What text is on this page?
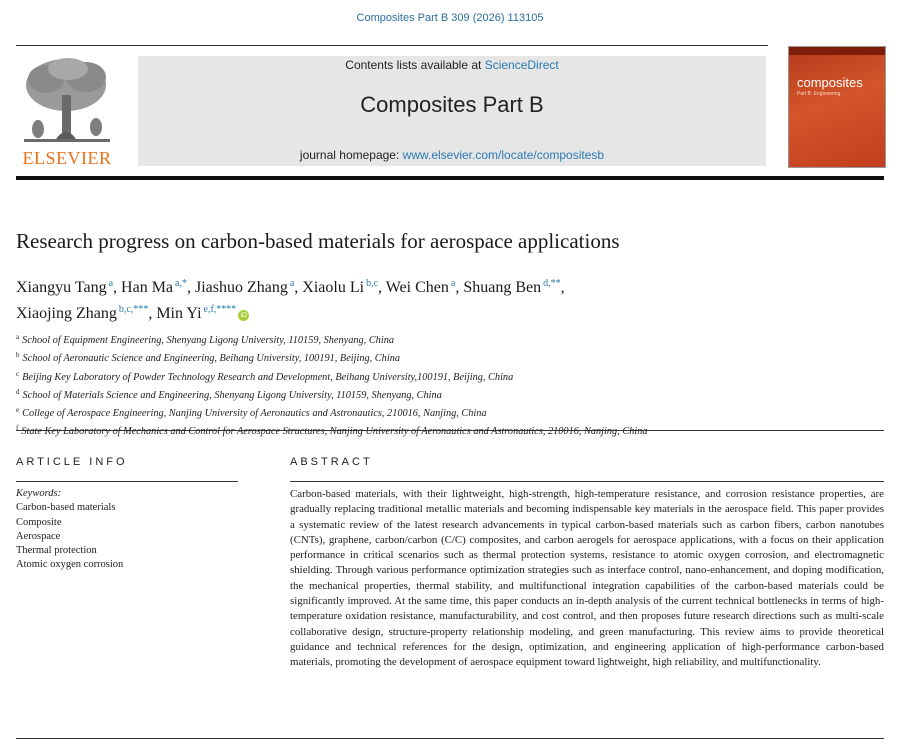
Composites Part B 309 (2026) 113105
ELSEVIER
Contents lists available at ScienceDirect
Composites Part B
journal homepage: www.elsevier.com/locate/compositesb
composites
Part B: Engineering
Research progress on carbon-based materials for aerospace applications
Xiangyu Tang $^a$, Han Ma $^{a,*}$, Jiashuo Zhang $^a$, Xiaolu Li $^{b,c}$, Wei Chen $^a$, Shuang Ben $^{d,**}$,
Xiaojing Zhang $^{b,c,***}$, Min Yi $^{e,f,****}$iD
$^a$ School of Equipment Engineering, Shenyang Ligong University, 110159, Shenyang, China
$^b$ School of Aeronautic Science and Engineering, Beihang University, 100191, Beijing, China
$^c$ Beijing Key Laboratory of Powder Technology Research and Development, Beihang University,100191, Beijing, China
$^d$ School of Materials Science and Engineering, Shenyang Ligong University, 110159, Shenyang, China
$^e$ College of Aerospace Engineering, Nanjing University of Aeronautics and Astronautics, 210016, Nanjing, China
$^f$ State Key Laboratory of Mechanics and Control for Aerospace Structures, Nanjing University of Aeronautics and Astronautics, 210016, Nanjing, China
ARTICLE INFO
Keywords:
Carbon-based materials
Composite
Aerospace
Thermal protection
Atomic oxygen corrosion
ABSTRACT
Carbon-based materials, with their lightweight, high-strength, high-temperature resistance, and corrosion resistance properties, are gradually replacing traditional metallic materials and becoming indispensable key materials in the aerospace field. This paper provides a systematic review of the latest research advancements in typical carbon-based materials such as carbon fibers, carbon nanotubes (CNTs), graphene, carbon/carbon (C/C) composites, and carbon aerogels for aerospace applications, with a focus on their application performance in critical scenarios such as thermal protection systems, resistance to atomic oxygen corrosion, and electromagnetic shielding. Through various performance optimization strategies such as interface control, nano-enhancement, and doping modification, the mechanical properties, thermal stability, and multifunctional integration capabilities of the carbon-based materials could be significantly improved. At the same time, this paper conducts an in-depth analysis of the current technical bottlenecks in terms of high-temperature oxidation resistance, manufacturability, and cost control, and then proposes future research directions such as multi-scale collaborative design, structure-property relationship modeling, and green manufacturing. This review aims to provide theoretical guidance and technical references for the design, optimization, and engineering application of high-performance carbon-based materials, promoting the development of aerospace equipment toward lightweight, high reliability, and multifunctionality.
